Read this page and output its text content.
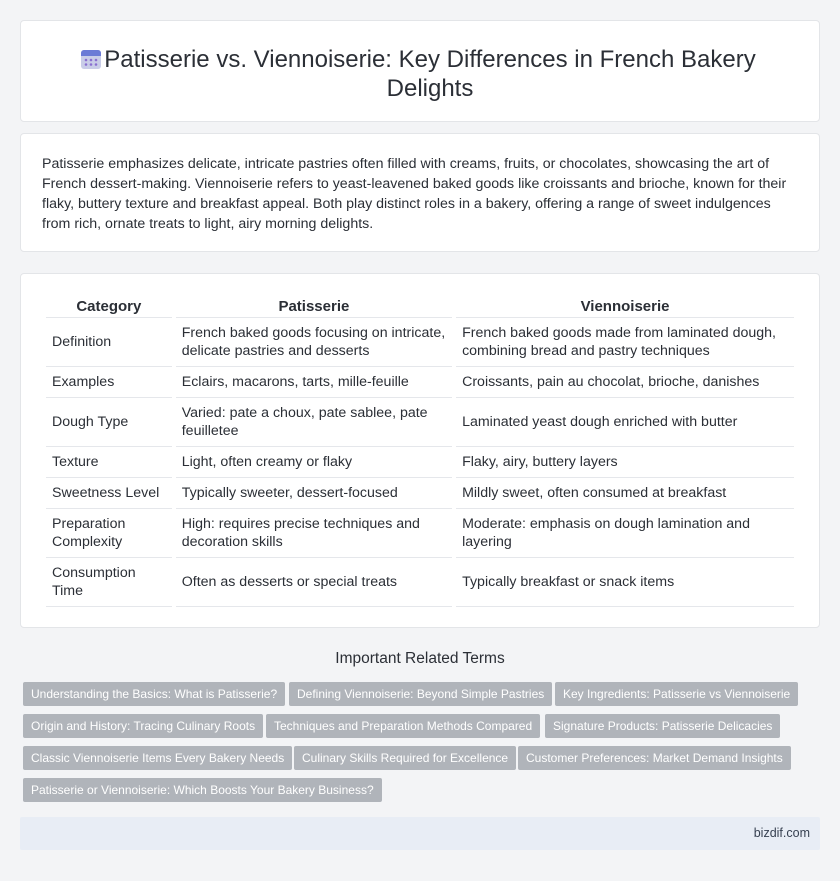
Patisserie vs. Viennoiserie: Key Differences in French Bakery Delights

Patisserie emphasizes delicate, intricate pastries often filled with creams, fruits, or chocolates, showcasing the art of French dessert-making. Viennoiserie refers to yeast-leavened baked goods like croissants and brioche, known for their flaky, buttery texture and breakfast appeal. Both play distinct roles in a bakery, offering a range of sweet indulgences from rich, ornate treats to light, airy morning delights.

Category	Patisserie	Viennoiserie
Definition	French baked goods focusing on intricate, delicate pastries and desserts	French baked goods made from laminated dough, combining bread and pastry techniques
Examples	Eclairs, macarons, tarts, mille-feuille	Croissants, pain au chocolat, brioche, danishes
Dough Type	Varied: pate a choux, pate sablee, pate feuilletee	Laminated yeast dough enriched with butter
Texture	Light, often creamy or flaky	Flaky, airy, buttery layers
Sweetness Level	Typically sweeter, dessert-focused	Mildly sweet, often consumed at breakfast
Preparation Complexity	High: requires precise techniques and decoration skills	Moderate: emphasis on dough lamination and layering
Consumption Time	Often as desserts or special treats	Typically breakfast or snack items
Important Related Terms
Understanding the Basics: What is Patisserie?	Defining Viennoiserie: Beyond Simple Pastries	Key Ingredients: Patisserie vs Viennoiserie
Origin and History: Tracing Culinary Roots	Techniques and Preparation Methods Compared	Signature Products: Patisserie Delicacies
Classic Viennoiserie Items Every Bakery Needs	Culinary Skills Required for Excellence	Customer Preferences: Market Demand Insights
Patisserie or Viennoiserie: Which Boosts Your Bakery Business?
bizdif.com
